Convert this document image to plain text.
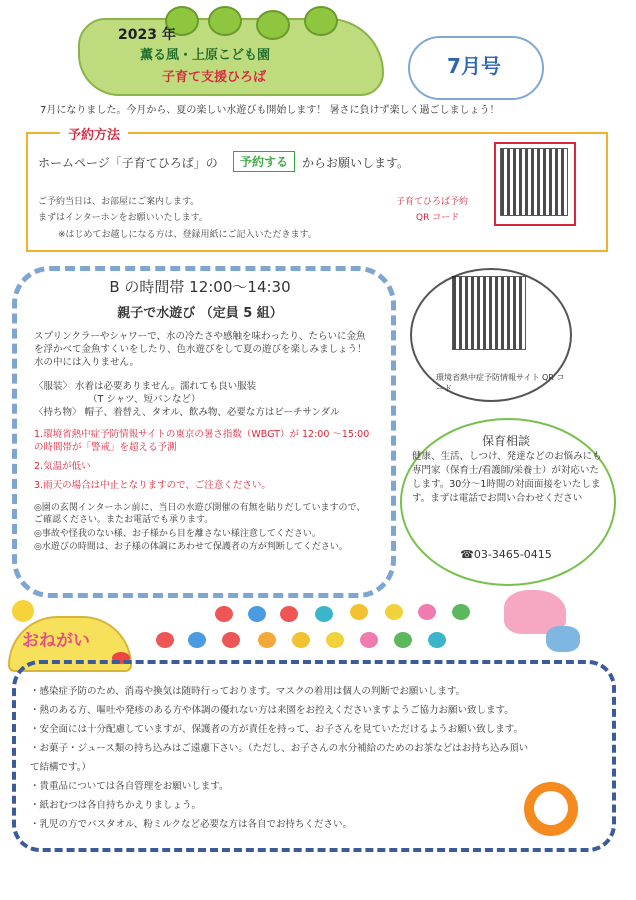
2023 年
薫る風・上原こども園
子育て支援ひろば	7月号
7月になりました。今月から、夏の楽しい水遊びも開始します！ 暑さに負けず楽しく過ごしましょう！
予約方法
ホームページ「子育てひろば」の	予約する	からお願いします。
ご予約当日は、お部屋にご案内します。
まずはインターホンをお願いいたします。
※はじめてお越しになる方は、登録用紙にご記入いただきます。
子育てひろば予約
QR コード
B の時間帯 12:00～14:30
親子で水遊び （定員 5 組）
スプリンクラーやシャワーで、水の冷たさや感触を味わったり、たらいに金魚を浮かべて金魚すくいをしたり、色水遊びをして夏の遊びを楽しみましょう！水の中には入りません。
〈服装〉 水着は必要ありません。濡れても良い服装
（T シャツ、短パンなど）
〈持ち物〉 帽子、着替え、タオル、飲み物、必要な方はビーチサンダル
1.環境省熱中症予防情報サイトの東京の暑さ指数（WBGT）が 12:00 ～15:00 の時間帯が「警戒」を超える予測
2.気温が低い
3.雨天の場合は中止となりますので、ご注意ください。
◎園の玄関インターホン前に、当日の水遊び開催の有無を貼りだしていますので、ご確認ください。またお電話でも承ります。
◎事故や怪我のない様、お子様から目を離さない様注意してください。
◎水遊びの時間は、お子様の体調にあわせて保護者の方が判断してください。
環境省熱中症予防情報サイト QR コード
保育相談
健康、生活、しつけ、発達などのお悩みにも専門家（保育士/看護師/栄養士）が対応いたします。30分～1時間の対面面接をいたします。まずは電話でお問い合わせください
☎03-3465-0415
おねがい
・感染症予防のため、消毒や換気は随時行っております。マスクの着用は個人の判断でお願いします。
・熱のある方、嘔吐や発疹のある方や体調の優れない方は来園をお控えくださいますようご協力お願い致します。
・安全面には十分配慮していますが、保護者の方が責任を持って、お子さんを見ていただけるようお願い致します。
・お菓子・ジュース類の持ち込みはご遠慮下さい。（ただし、お子さんの水分補給のためのお茶などはお持ち込み頂いて結構です。）
・貴重品については各自管理をお願いします。
・紙おむつは各自持ちかえりましょう。
・乳児の方でバスタオル、粉ミルクなど必要な方は各自でお持ちください。
